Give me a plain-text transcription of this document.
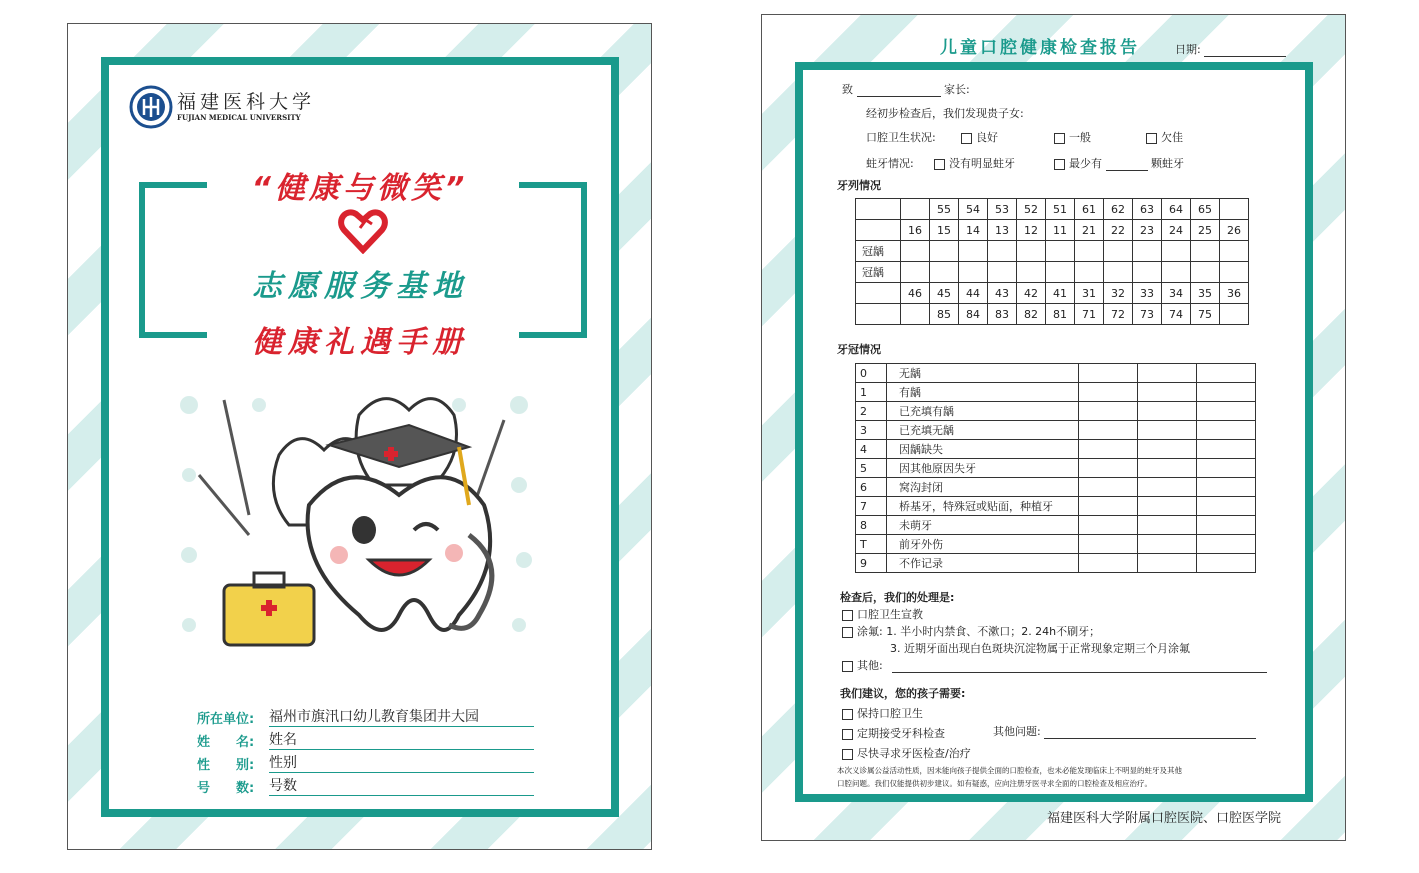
福建医科大学
FUJIAN MEDICAL UNIVERSITY
“健康与微笑”
志愿服务基地
健康礼遇手册
所在单位: 福州市旗汛口幼儿教育集团井大园
姓　　名: 姓名
性　　别: 性别
号　　数: 号数
儿童口腔健康检查报告	日期:
致	家长:
经初步检查后，我们发现贵子女:
口腔卫生状况:	良好	一般	欠佳
蛀牙情况:	没有明显蛀牙	最少有	颗蛀牙
牙列情况
		55	54	53	52	51	61	62	63	64	65	
	16	15	14	13	12	11	21	22	23	24	25	26
冠龋												
冠龋												
	46	45	44	43	42	41	31	32	33	34	35	36
		85	84	83	82	81	71	72	73	74	75	
牙冠情况
0	无龋			
1	有龋			
2	已充填有龋			
3	已充填无龋			
4	因龋缺失			
5	因其他原因失牙			
6	窝沟封闭			
7	桥基牙，特殊冠或贴面，种植牙			
8	未萌牙			
T	前牙外伤			
9	不作记录			
检查后，我们的处理是:
口腔卫生宣教
涂氟: 1. 半小时内禁食、不漱口；2. 24h不刷牙；
3. 近期牙面出现白色斑块沉淀物属于正常现象定期三个月涂氟
其他:
我们建议，您的孩子需要:
保持口腔卫生
定期接受牙科检查	其他问题:
尽快寻求牙医检查/治疗
本次义诊属公益活动性质，因未能向孩子提供全面的口腔检查，也未必能发现临床上不明显的蛀牙及其他
口腔问题。我们仅能提供初步建议。如有疑惑，应向注册牙医寻求全面的口腔检查及相应治疗。
福建医科大学附属口腔医院、口腔医学院
